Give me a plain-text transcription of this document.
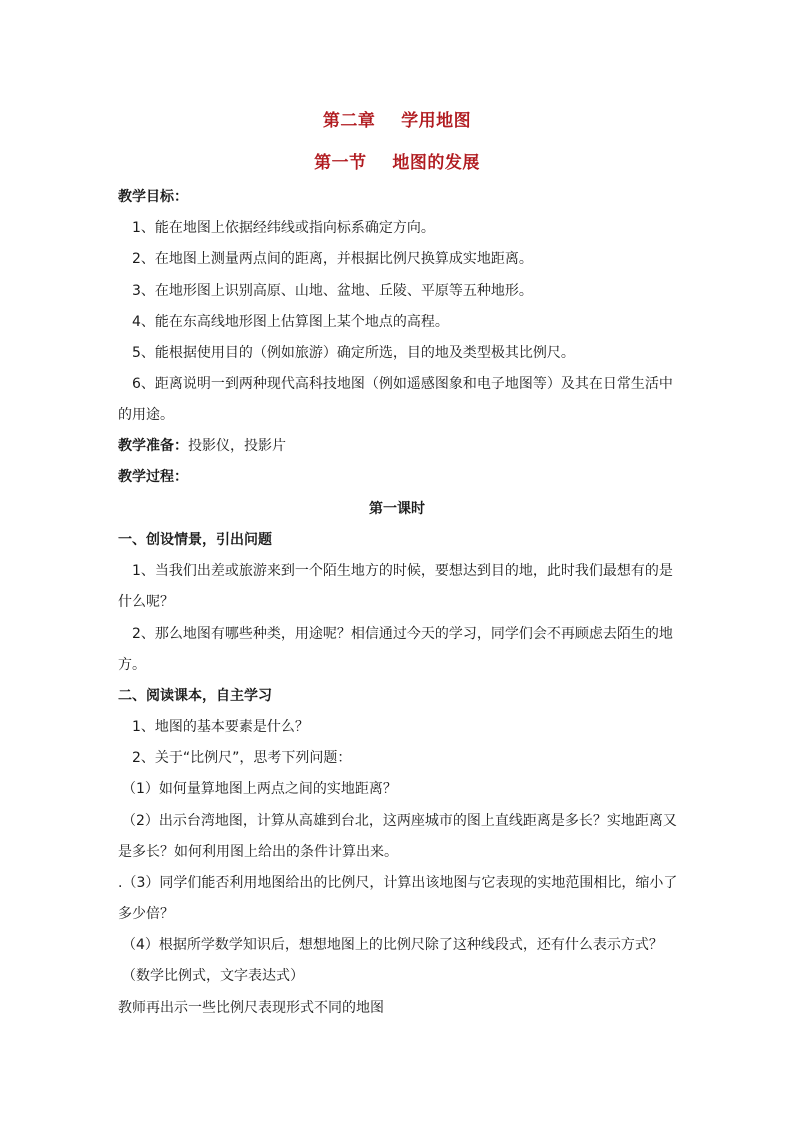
第二章    学用地图
第一节    地图的发展
教学目标：
1、能在地图上依据经纬线或指向标系确定方向。
2、在地图上测量两点间的距离，并根据比例尺换算成实地距离。
3、在地形图上识别高原、山地、盆地、丘陵、平原等五种地形。
4、能在东高线地形图上估算图上某个地点的高程。
5、能根据使用目的（例如旅游）确定所选，目的地及类型极其比例尺。
6、距离说明一到两种现代高科技地图（例如遥感图象和电子地图等）及其在日常生活中
的用途。
教学准备：投影仪，投影片
教学过程：
第一课时
一、创设情景，引出问题
1、当我们出差或旅游来到一个陌生地方的时候，要想达到目的地，此时我们最想有的是
什么呢？
2、那么地图有哪些种类，用途呢？相信通过今天的学习，同学们会不再顾虑去陌生的地
方。
二、阅读课本，自主学习
1、地图的基本要素是什么？
2、关于“比例尺”，思考下列问题：
（1）如何量算地图上两点之间的实地距离？
（2）出示台湾地图，计算从高雄到台北，这两座城市的图上直线距离是多长？实地距离又
是多长？如何利用图上给出的条件计算出来。
.（3）同学们能否利用地图给出的比例尺，计算出该地图与它表现的实地范围相比，缩小了
多少倍？
（4）根据所学数学知识后，想想地图上的比例尺除了这种线段式，还有什么表示方式？
（数学比例式，文字表达式）
教师再出示一些比例尺表现形式不同的地图
